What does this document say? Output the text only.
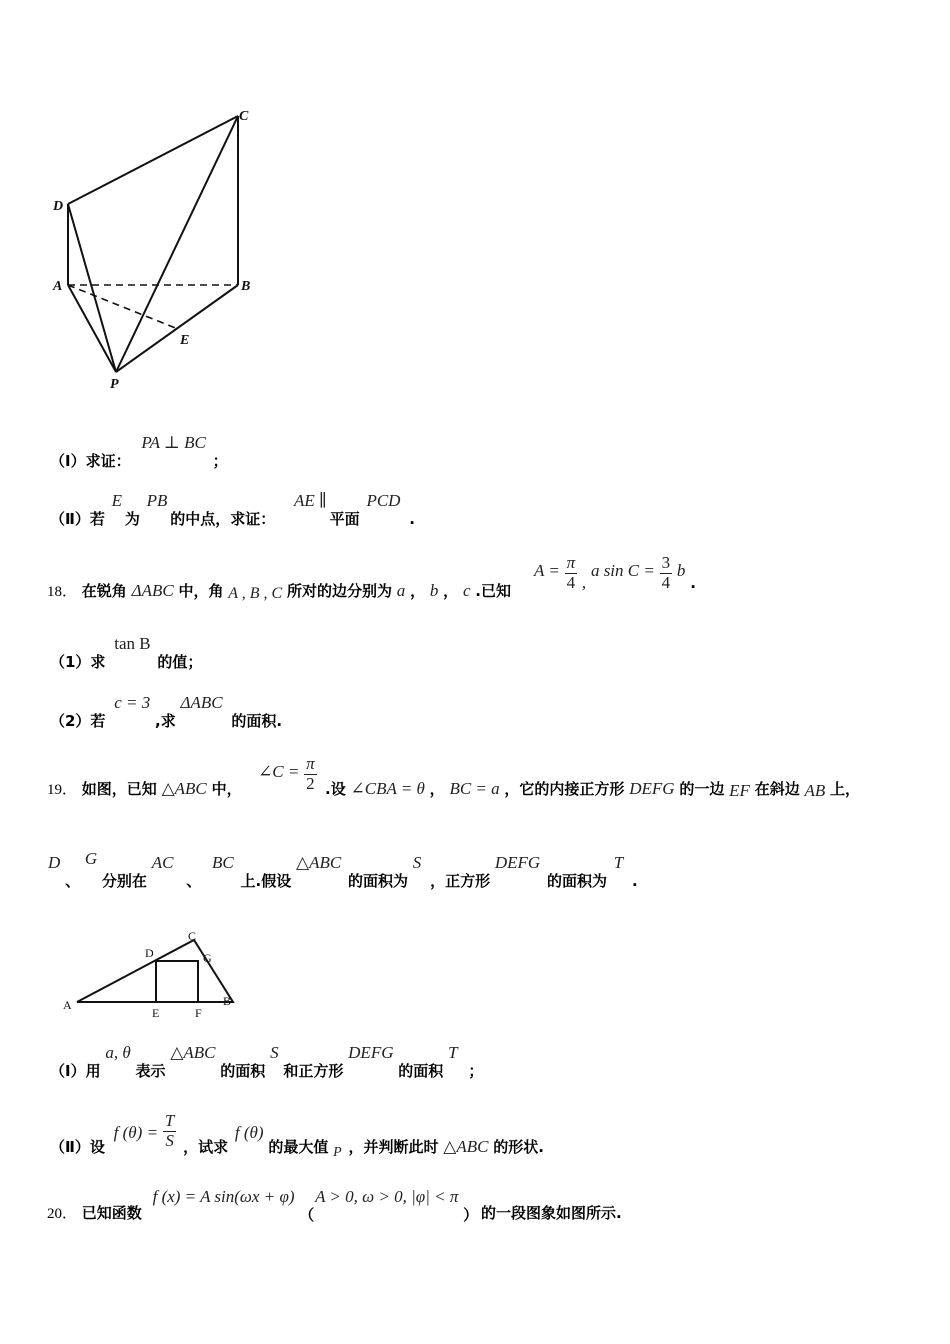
C
D
A	B
E
P
（Ⅰ）求证： PA ⊥ BC ；
（Ⅱ）若 E 为 PB 的中点，求证： AE ∥ 平面 PCD .
18． 在锐角 ΔABC 中，角 A , B , C 所对的边分别为 a ， b ， c .已知
$A = \frac{\pi}{4}$ , a $\sin C = \frac{3}{4}$ b .
（1）求 tan B 的值；
（2）若 c = 3 ,求 ΔABC 的面积.
19． 如图，已知 △ABC 中，
∠C = $\frac{\pi}{2}$ .设 ∠CBA = θ ， BC = a ，它的内接正方形 DEFG 的一边 EF 在斜边 AB 上，
D 、 G 分别在 AC 、 BC 上.假设 △ABC 的面积为 S ，正方形 DEFG 的面积为 T .
A
C
D	G
B
E	F
（Ⅰ）用 a, θ 表示 △ABC 的面积 S 和正方形 DEFG 的面积 T ；
（Ⅱ）设 f $(\theta) = \frac{T}{S}$ ，试求 f (θ) 的最大值 P ，并判断此时 △ABC 的形状.
20． 已知函数 f (x) = A sin(ωx + φ) （ A > 0, ω > 0, |φ| < π ） 的一段图象如图所示.
